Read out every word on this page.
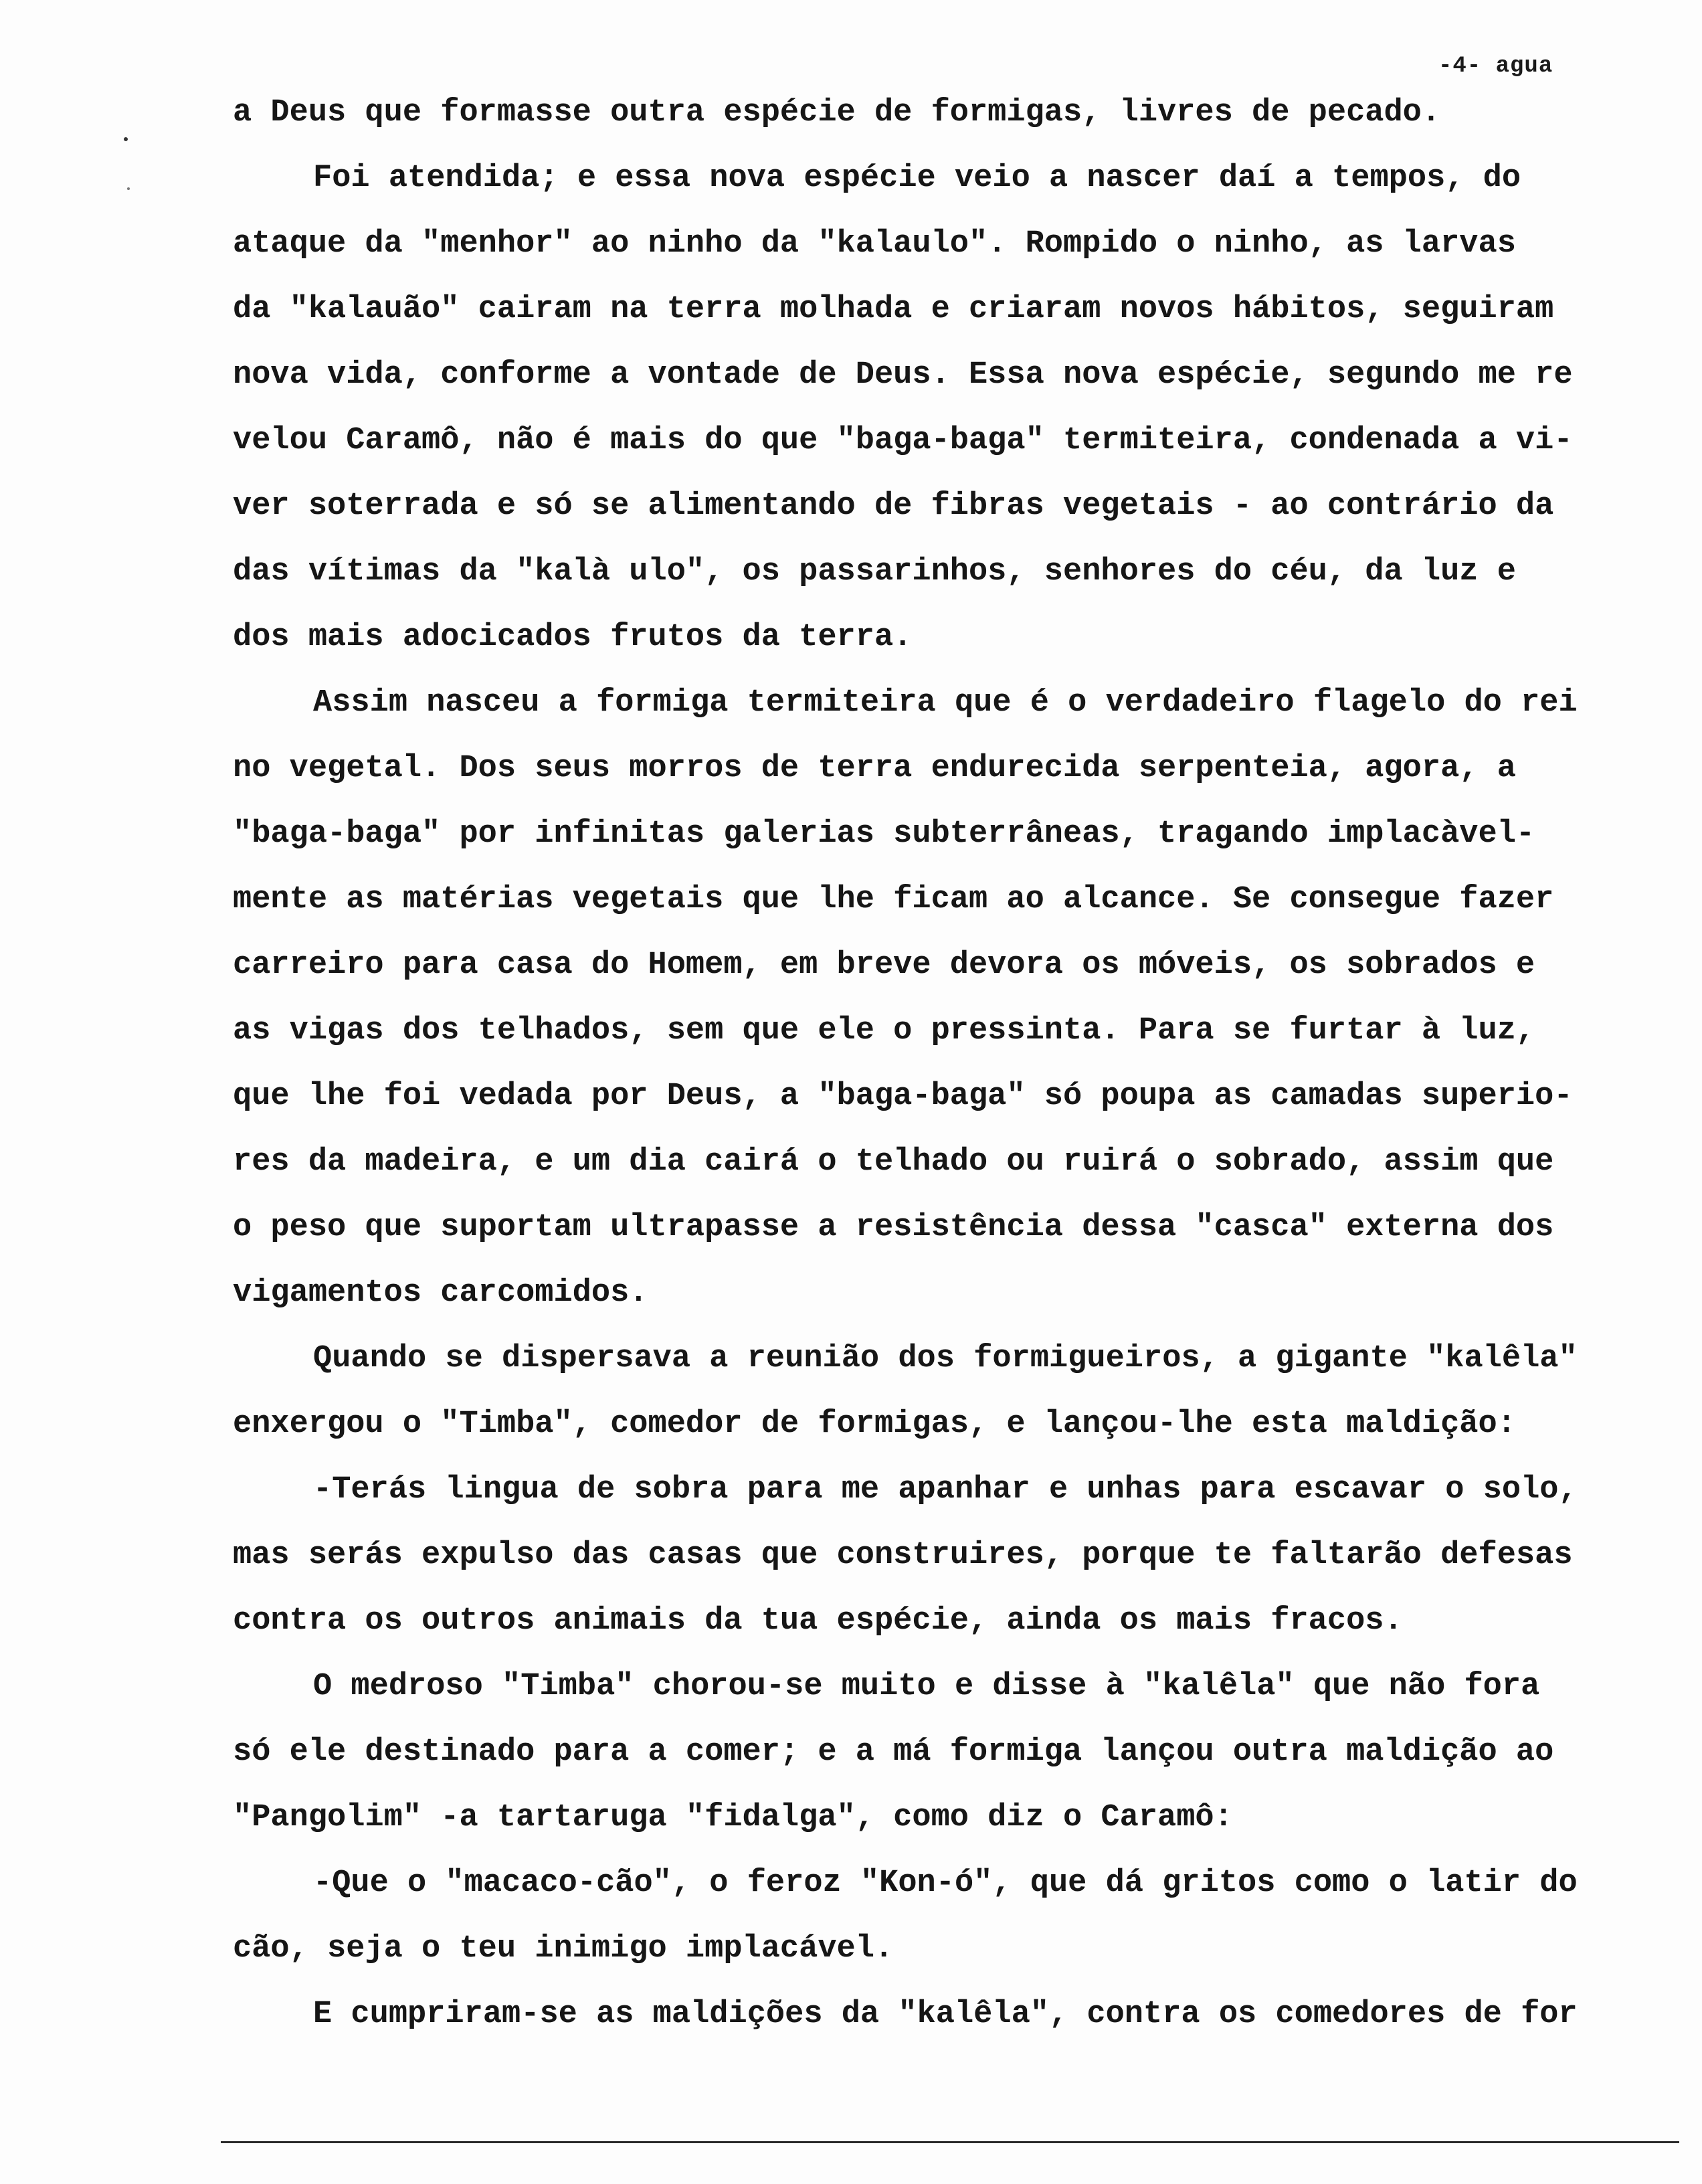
-4- agua
a Deus que formasse outra espécie de formigas, livres de pecado.
Foi atendida; e essa nova espécie veio a nascer daí a tempos, do
ataque da "menhor" ao ninho da "kalaulo". Rompido o ninho, as larvas
da "kalauão" cairam na terra molhada e criaram novos hábitos, seguiram
nova vida, conforme a vontade de Deus. Essa nova espécie, segundo me re
velou Caramô, não é mais do que "baga-baga" termiteira, condenada a vi-
ver soterrada e só se alimentando de fibras vegetais - ao contrário da
das vítimas da "kalà ulo", os passarinhos, senhores do céu, da luz e
dos mais adocicados frutos da terra.
Assim nasceu a formiga termiteira que é o verdadeiro flagelo do rei
no vegetal. Dos seus morros de terra endurecida serpenteia, agora, a
"baga-baga" por infinitas galerias subterrâneas, tragando implacàvel-
mente as matérias vegetais que lhe ficam ao alcance. Se consegue fazer
carreiro para casa do Homem, em breve devora os móveis, os sobrados e
as vigas dos telhados, sem que ele o pressinta. Para se furtar à luz,
que lhe foi vedada por Deus, a "baga-baga" só poupa as camadas superio-
res da madeira, e um dia cairá o telhado ou ruirá o sobrado, assim que
o peso que suportam ultrapasse a resistência dessa "casca" externa dos
vigamentos carcomidos.
Quando se dispersava a reunião dos formigueiros, a gigante "kalêla"
enxergou o "Timba", comedor de formigas, e lançou-lhe esta maldição:
-Terás lingua de sobra para me apanhar e unhas para escavar o solo,
mas serás expulso das casas que construires, porque te faltarão defesas
contra os outros animais da tua espécie, ainda os mais fracos.
O medroso "Timba" chorou-se muito e disse à "kalêla" que não fora
só ele destinado para a comer; e a má formiga lançou outra maldição ao
"Pangolim" -a tartaruga "fidalga", como diz o Caramô:
-Que o "macaco-cão", o feroz "Kon-ó", que dá gritos como o latir do
cão, seja o teu inimigo implacável.
E cumpriram-se as maldições da "kalêla", contra os comedores de for
